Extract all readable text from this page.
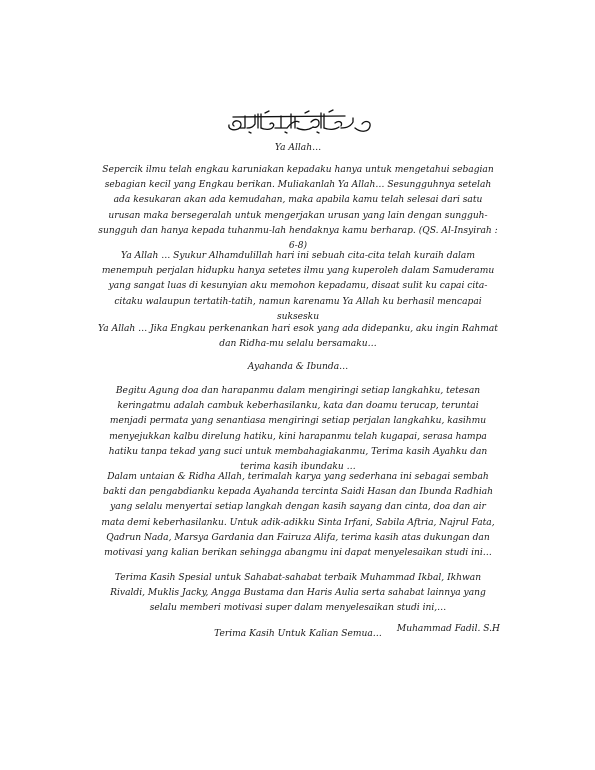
Ya Allah…

Sepercik ilmu telah engkau karuniakan kepadaku hanya untuk mengetahui sebagian sebagian kecil yang Engkau berikan. Muliakanlah Ya Allah… Sesungguhnya setelah ada kesukaran akan ada kemudahan, maka apabila kamu telah selesai dari satu urusan maka bersegeralah untuk mengerjakan urusan yang lain dengan sungguh-sungguh dan hanya kepada tuhanmu-lah hendaknya kamu berharap. (QS. Al-Insyirah : 6-8)

Ya Allah … Syukur Alhamdulillah hari ini sebuah cita-cita telah kuraih dalam menempuh perjalan hidupku hanya setetes ilmu yang kuperoleh dalam Samuderamu yang sangat luas di kesunyian aku memohon kepadamu, disaat sulit ku capai cita-citaku walaupun tertatih-tatih, namun karenamu Ya Allah ku berhasil mencapai suksesku

Ya Allah … Jika Engkau perkenankan hari esok yang ada didepanku, aku ingin Rahmat dan Ridha-mu selalu bersamaku…

Ayahanda & Ibunda…

Begitu Agung doa dan harapanmu dalam mengiringi setiap langkahku, tetesan keringatmu adalah cambuk keberhasilanku, kata dan doamu terucap, teruntai menjadi permata yang senantiasa mengiringi setiap perjalan langkahku, kasihmu menyejukkan kalbu direlung hatiku, kini harapanmu telah kugapai, serasa hampa hatiku tanpa tekad yang suci untuk membahagiakanmu, Terima kasih Ayahku dan terima kasih ibundaku …

Dalam untaian & Ridha Allah, terimalah karya yang sederhana ini sebagai sembah bakti dan pengabdianku kepada Ayahanda tercinta Saidi Hasan dan Ibunda Radhiah yang selalu menyertai setiap langkah dengan kasih sayang dan cinta, doa dan air mata demi keberhasilanku. Untuk adik-adikku Sinta Irfani, Sabila Aftria, Najrul Fata, Qadrun Nada, Marsya Gardania dan Fairuza Alifa, terima kasih atas dukungan dan motivasi yang kalian berikan sehingga abangmu ini dapat menyelesaikan studi ini…

Terima Kasih Spesial untuk Sahabat-sahabat terbaik Muhammad Ikbal, Ikhwan Rivaldi, Muklis Jacky, Angga Bustama dan Haris Aulia serta sahabat lainnya yang selalu memberi motivasi super dalam menyelesaikan studi ini,…

Terima Kasih Untuk Kalian Semua…	Muhammad Fadil. S.H
